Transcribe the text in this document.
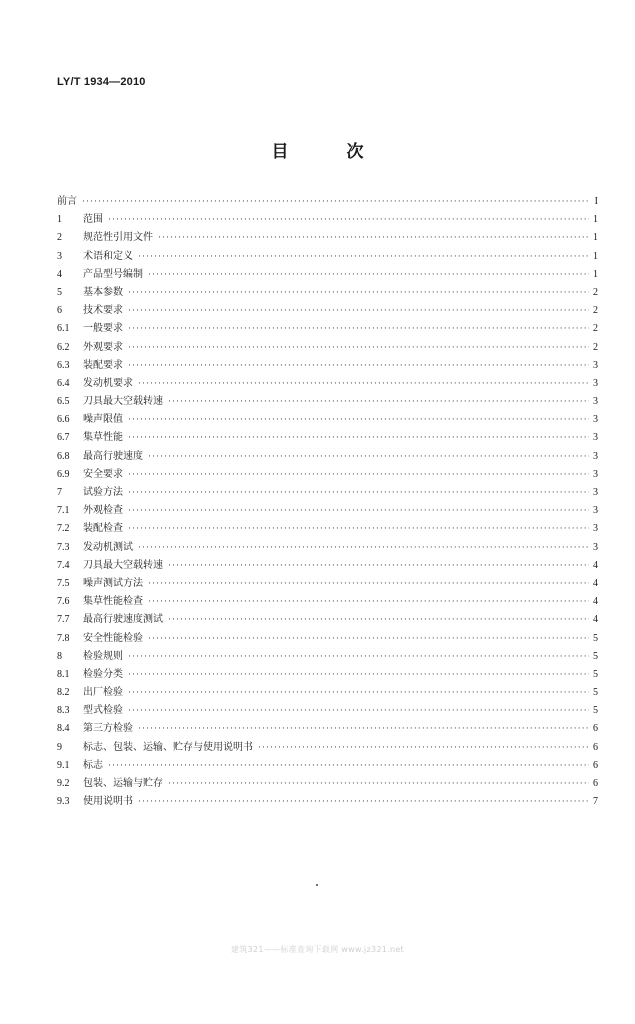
LY/T 1934—2010
目 次
前言 ·····	I
1	范围 ·····	1
2	规范性引用文件 ·····	1
3	术语和定义 ·····	1
4	产品型号编制 ·····	1
5	基本参数 ·····	2
6	技术要求 ·····	2
6.1	一般要求 ·····	2
6.2	外观要求 ·····	2
6.3	装配要求 ·····	3
6.4	发动机要求 ·····	3
6.5	刀具最大空载转速 ·····	3
6.6	噪声限值 ·····	3
6.7	集草性能 ·····	3
6.8	最高行驶速度 ·····	3
6.9	安全要求 ·····	3
7	试验方法 ·····	3
7.1	外观检查 ·····	3
7.2	装配检查 ·····	3
7.3	发动机测试 ·····	3
7.4	刀具最大空载转速 ·····	4
7.5	噪声测试方法 ·····	4
7.6	集草性能检查 ·····	4
7.7	最高行驶速度测试 ·····	4
7.8	安全性能检验 ·····	5
8	检验规则 ·····	5
8.1	检验分类 ·····	5
8.2	出厂检验 ·····	5
8.3	型式检验 ·····	5
8.4	第三方检验 ·····	6
9	标志、包装、运输、贮存与使用说明书 ·····	6
9.1	标志 ·····	6
9.2	包装、运输与贮存 ·····	6
9.3	使用说明书 ·····	7
建筑321——标准查询下载网 www.jz321.net
